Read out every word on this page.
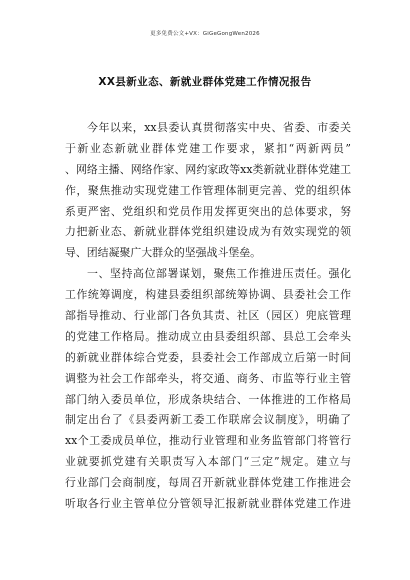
更多免费公文+VX：GiGeGongWen2026
XX县新业态、新就业群体党建工作情况报告
今年以来，xx县委认真贯彻落实中央、省委、市委关
于新业态新就业群体党建工作要求，紧扣“两新两员”
、网络主播、网络作家、网约家政等xx类新就业群体党建工
作，聚焦推动实现党建工作管理体制更完善、党的组织体
系更严密、党组织和党员作用发挥更突出的总体要求，努
力把新业态、新就业群体党组织建设成为有效实现党的领
导、团结凝聚广大群众的坚强战斗堡垒。
一、坚持高位部署谋划，聚焦工作推进压责任。强化
工作统筹调度，构建县委组织部统筹协调、县委社会工作
部指导推动、行业部门各负其责、社区（园区）兜底管理
的党建工作格局。推动成立由县委组织部、县总工会牵头
的新就业群体综合党委，县委社会工作部成立后第一时间
调整为社会工作部牵头，将交通、商务、市监等行业主管
部门纳入委员单位，形成条块结合、一体推进的工作格局
制定出台了《县委两新工委工作联席会议制度》，明确了
xx个工委成员单位，推动行业管理和业务监管部门将管行
业就要抓党建有关职责写入本部门“三定”规定。建立与
行业部门会商制度，每周召开新就业群体党建工作推进会
听取各行业主管单位分管领导汇报新就业群体党建工作进
